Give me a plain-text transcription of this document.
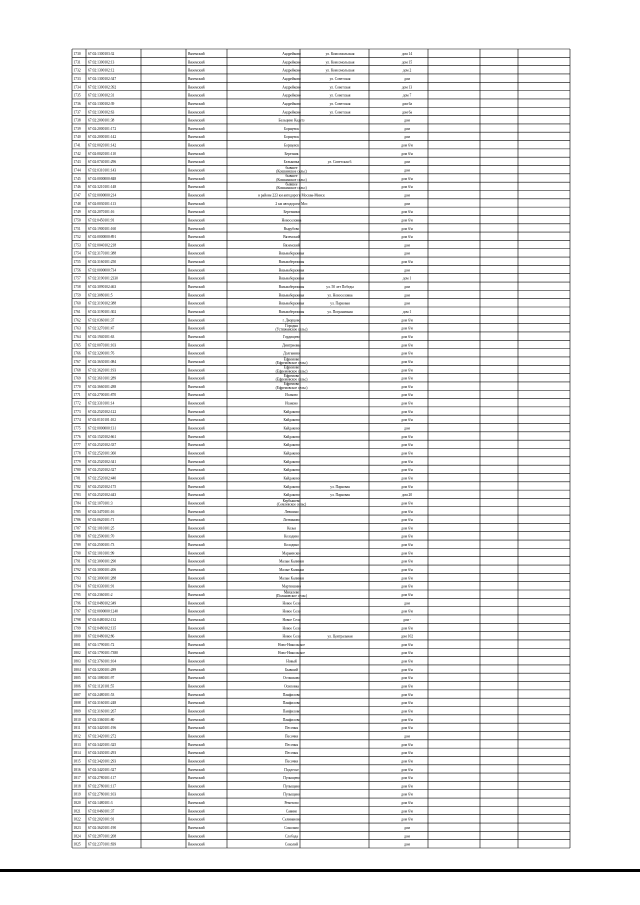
1730 67:02:1300103:32	Вяземский	Андрейково	ул. Комсомольская	дом 14
1731 67:02:1300102:13	Вяземский	Андрейково	ул. Комсомольская	дом 15
1732 67:02:1300102:12	Вяземский	Андрейково	ул. Комсомольская	дом 2
1733 67:02:1300102:347	Вяземский	Андрейково	ул. Советская	дом
1734 67:02:1300102:392	Вяземский	Андрейково	ул. Советская	дом 13
1735 67:02:1300102:31	Вяземский	Андрейково	ул. Советская	дом 7
1736 67:02:1300102:39	Вяземский	Андрейково	ул. Советская	дом 6а
1737 67:02:1300102:63	Вяземский	Андрейково	ул. Советская	дом 6а
1738 67:02:2000101:38	Вяземский	Бельцино Кадетз	дом
1739 67:02:2000101:172	Вяземский	Борщевск	дом
1740 67:02:2000101:142	Вяземский	Борщевск	дом
1741 67:02:0020101:142	Вяземский	Борщевск	дом б/н
1742 67:02:0020101:110	Вяземский	Березник	дом б/н
1743 67:02:0740101:296	Вяземский	Бельковка	ул. Советская б.	дом
1744 67:02:0310101:143	Вяземский
бывшее
(Кошкинское сельс)	дом
1745 67:02:0000000:848	Вяземский
бывшее
(Кошкинское сельс)	дом б/н
1746 67:02:3210101:148	Вяземский
бывшее
(Кошкинское сельс)	дом б/н
1747 67:02:0000000:214	Вяземский	в районе 223 км автодороги Москва-Минск	дом
1748 67:02:0030101:113	Вяземский	2 км автодороги Мос	дом
1749 67:02:2070101:16	Вяземский	Березники	дом б/н
1750 67:02:0450101:91	Вяземский	Новоселовка	дом б/н
1751 67:02:1900101:160	Вяземский	Вырубово	дом б/н
1752 67:02:0000000:891	Вяземский	Вяземский	дом б/н
1753 67:02:0040102:218	Вяземский	Вяземский	дом
1754 67:02:3170101:388	Вяземский	Вязьмабережная	дом
1755 67:02:3160101:250	Вяземский	Вязьмабережная	дом б/н
1756 67:02:0000000:734	Вяземский	Вязьмабережная	дом
1757 67:02:3190101:2330	Вяземский	Вязьмабережная	дом 1
1758 67:02:3090102:463	Вяземский	Вязьмабережная	ул. 50 лет Победы	дом
1759 67:02:3080101:5	Вяземский	Вязьмабережная	ул. Новоселовка	дом
1760 67:02:3190102:388	Вяземский	Вязьмабережная	ул. Парковая	дом
1761 67:02:3190101:302	Вяземский	Вязьмабережная	ул. Пограничная	дом 1
1762 67:02:0360101:37	Вяземский	г. Дворцово	дом б/н
1763 67:02:3270101:47	Вяземский
Городня
(Устюжанское сельс)	дом б/н
1764 67:02:1940101:63	Вяземский	Гордищево	дом б/н
1765 67:02:0070101:103	Вяземский	Дмитриевка	дом б/н
1766 67:02:3200101:76	Вяземский	Долгавино	дом б/н
1767 67:02:3630101:084	Вяземский
Ефремово
(Ефремовское сельс)	дом б/н
1768 67:02:3620101:193	Вяземский
Ефремово
(Ефремовское сельс)	дом б/н
1769 67:02:3610101:289	Вяземский
Ефремово
(Ефремовское сельс)	дом б/н
1770 67:02:3660101:288	Вяземский
Ефремово
(Ефремовское сельс)	дом б/н
1771 67:02:2700101:870	Вяземский	Исаково	дом б/н
1772 67:02:3310101:14	Вяземский	Исаково	дом б/н
1773 67:02:2520102:122	Вяземский	Кайдаково	дом б/н
1774 67:02:0110101:102	Вяземский	Кайдаково	дом б/н
1775 67:02:0000000:131	Вяземский	Кайдаково	дом
1776 67:02:1520102:661	Вяземский	Кайдаково	дом б/н
1777 67:02:2520102:337	Вяземский	Кайдаково	дом б/н
1778 67:02:2520101:360	Вяземский	Кайдаково	дом б/н
1779 67:02:2520102:341	Вяземский	Кайдаково	дом б/н
1780 67:02:2520102:327	Вяземский	Кайдаково	дом б/н
1781 67:02:2520102:440	Вяземский	Кайдаково	дом б/н
1782 67:02:2520102:175	Вяземский	Кайдаково	ул. Парковая	дом б/н
1783 67:02:2520102:443	Вяземский	Кайдаково	ул. Парковая	дом 20
1784 67:02:1070101:3	Вяземский
Кербышево
(Семлевское сельс)	дом б/н
1785 67:02:3470101:16	Вяземский	Левшино	дом б/н
1786 67:02:0620101:71	Вяземский	Литвиново	дом б/н
1787 67:02:1010101:25	Вяземский	Козья	дом б/н
1788 67:02:2500101:70	Вяземский	Колодино	дом б/н
1789 67:02:2500101:73	Вяземский	Колодино	дом б/н
1790 67:02:1010101:99	Вяземский	Марьинское	дом б/н
1791 67:02:3000101:290	Вяземский	Малые Калинки	дом б/н
1792 67:02:3000101:206	Вяземский	Малые Калинки	дом б/н
1793 67:02:3000101:288	Вяземский	Малые Калинки	дом б/н
1794 67:02:0330101:91	Вяземский	Мартюшино	дом б/н
1795 67:02:2360101:2	Вяземский
Михалево
(Поляновское сельс)	дом б/н
1796 67:02:0480102:349	Вяземский	Новое Село	дом
1797 67:02:0000000:1240	Вяземский	Новое Село	дом б/н
1798 67:02:0480102:132	Вяземский	Новое Село	дом -
1799 67:02:0480102:135	Вяземский	Новое Село	дом б/н
1800 67:02:0480102:86	Вяземский	Новое Село	ул. Центральная	дом 102
1801 67:02:1790101:72	Вяземский	Ново-Никольское	дом б/н
1802 67:02:1790101:7380	Вяземский	Ново-Никольское	дом б/н
1803 67:02:3760101:104	Вяземский	Новый	дом б/н
1804 67:02:3200101:289	Вяземский	Бывший	дом б/н
1805 67:02:1080101:97	Вяземский	Осташково	дом б/н
1806 67:02:1120101:55	Вяземский	Осиповка	дом б/н
1807 67:02:2480101:53	Вяземский	Панфилово	дом б/н
1808 67:02:3160101:248	Вяземский	Панфилово	дом б/н
1809 67:02:3160101:267	Вяземский	Панфилово	дом б/н
1810 67:02:3360101:80	Вяземский	Панфилово	дом б/н
1811 67:02:3420101:196	Вяземский	Песочня	дом б/н
1812 67:02:3420101:272	Вяземский	Песочня	дом
1813 67:02:3420101:325	Вяземский	Песочня	дом б/н
1814 67:02:3430101:293	Вяземский	Песочня	дом б/н
1815 67:02:3420101:293	Вяземский	Песочня	дом б/н
1816 67:02:3420101:327	Вяземский	Подлесье	дом б/н
1817 67:02:2780101:117	Вяземский	Пупыщево	дом б/н
1818 67:02:2780101:117	Вяземский	Пупыщево	дом б/н
1819 67:02:2780101:103	Вяземский	Пупыщево	дом б/н
1820 67:02:1480101:3	Вяземский	Ремезово	дом б/н
1821 67:02:0460101:37	Вяземский	Савино	дом б/н
1822 67:02:2020101:91	Вяземский	Селиваново	дом б/н
1823 67:02:3620101:190	Вяземский	Сокольво	дом
1824 67:02:2870101:208	Вяземский	Слобода	дом
1825 67:02:2370101:839	Вяземский	Соколий	дом
